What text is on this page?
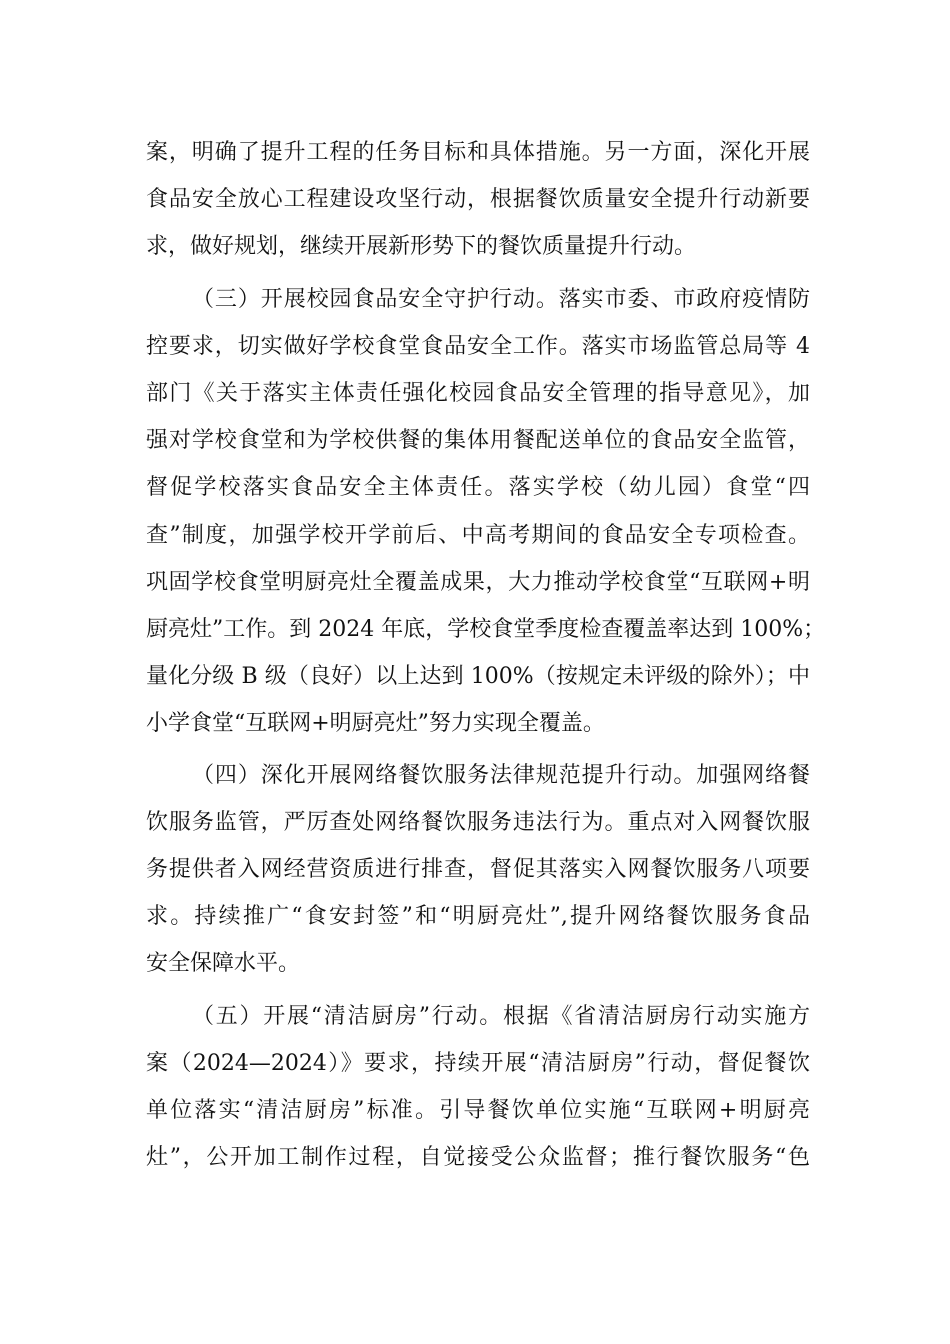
案，明确了提升工程的任务目标和具体措施。另一方面，深化开展

食品安全放心工程建设攻坚行动，根据餐饮质量安全提升行动新要

求，做好规划，继续开展新形势下的餐饮质量提升行动。

（三）开展校园食品安全守护行动。落实市委、市政府疫情防

控要求，切实做好学校食堂食品安全工作。落实市场监管总局等 4

部门《关于落实主体责任强化校园食品安全管理的指导意见》，加

强对学校食堂和为学校供餐的集体用餐配送单位的食品安全监管，

督促学校落实食品安全主体责任。落实学校（幼儿园）食堂“四

查”制度，加强学校开学前后、中高考期间的食品安全专项检查。

巩固学校食堂明厨亮灶全覆盖成果，大力推动学校食堂“互联网+明

厨亮灶”工作。到 2024 年底，学校食堂季度检查覆盖率达到 100%；

量化分级 B 级（良好）以上达到 100%（按规定未评级的除外）；中

小学食堂“互联网+明厨亮灶”努力实现全覆盖。

（四）深化开展网络餐饮服务法律规范提升行动。加强网络餐

饮服务监管，严厉查处网络餐饮服务违法行为。重点对入网餐饮服

务提供者入网经营资质进行排查，督促其落实入网餐饮服务八项要

求。持续推广“食安封签”和“明厨亮灶”,提升网络餐饮服务食品

安全保障水平。

（五）开展“清洁厨房”行动。根据《省清洁厨房行动实施方

案（2024—2024）》要求，持续开展“清洁厨房”行动，督促餐饮

单位落实“清洁厨房”标准。引导餐饮单位实施“互联网+明厨亮

灶”，公开加工制作过程，自觉接受公众监督；推行餐饮服务“色
